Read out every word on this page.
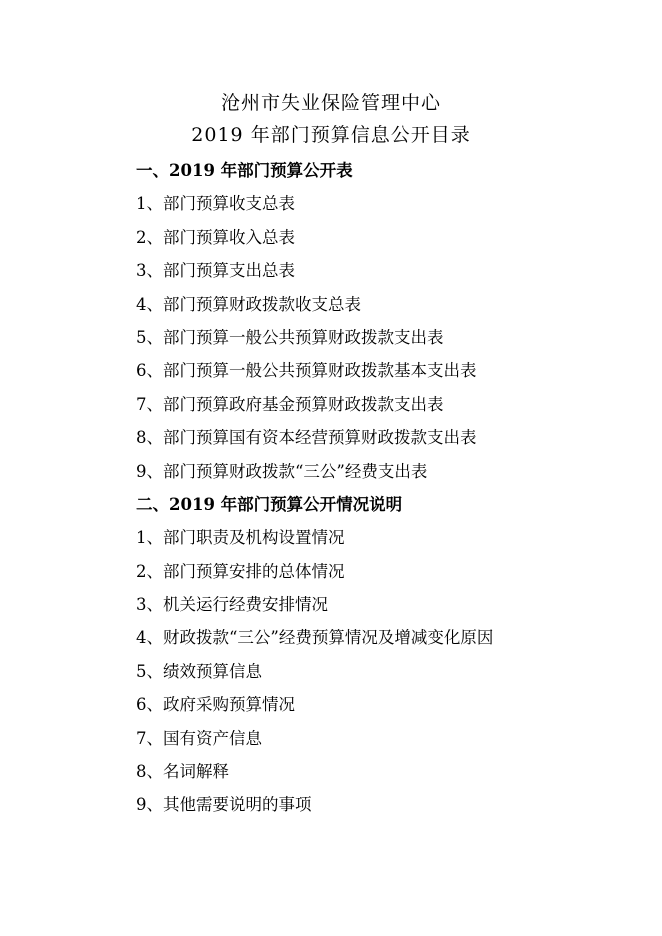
沧州市失业保险管理中心
2019 年部门预算信息公开目录
一、2019 年部门预算公开表
1、部门预算收支总表
2、部门预算收入总表
3、部门预算支出总表
4、部门预算财政拨款收支总表
5、部门预算一般公共预算财政拨款支出表
6、部门预算一般公共预算财政拨款基本支出表
7、部门预算政府基金预算财政拨款支出表
8、部门预算国有资本经营预算财政拨款支出表
9、部门预算财政拨款“三公”经费支出表
二、2019 年部门预算公开情况说明
1、部门职责及机构设置情况
2、部门预算安排的总体情况
3、机关运行经费安排情况
4、财政拨款“三公”经费预算情况及增减变化原因
5、绩效预算信息
6、政府采购预算情况
7、国有资产信息
8、名词解释
9、其他需要说明的事项
